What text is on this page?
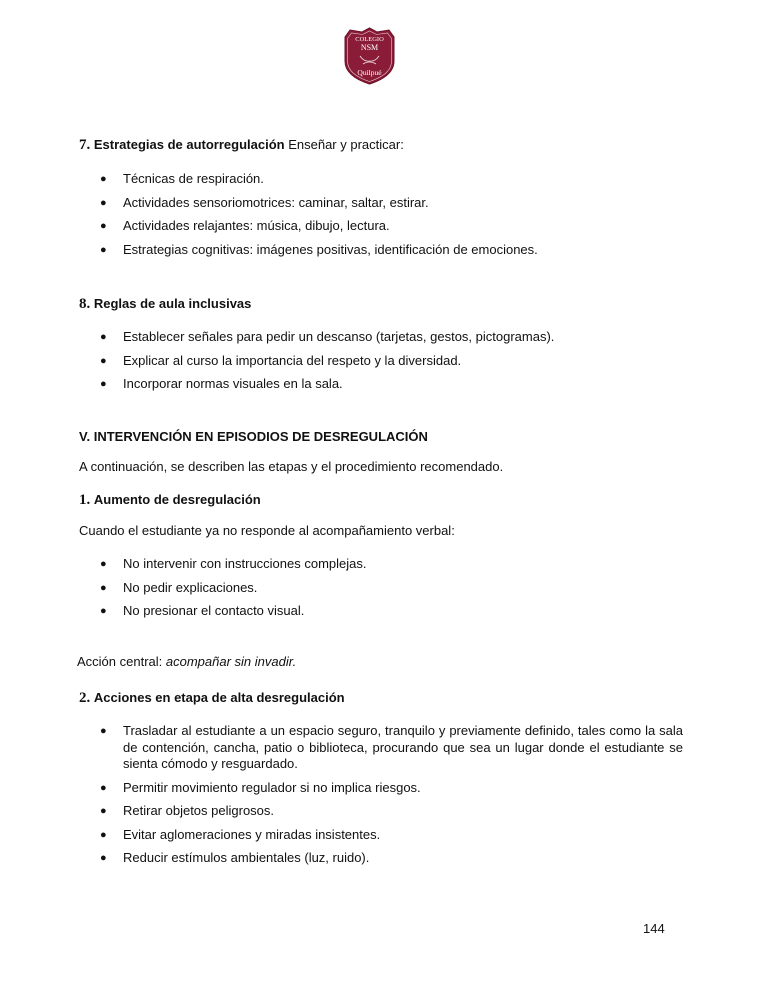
COLEGIO
NSM
Quilpué

7. Estrategias de autorregulación Enseñar y practicar:

● Técnicas de respiración.
● Actividades sensoriomotrices: caminar, saltar, estirar.
● Actividades relajantes: música, dibujo, lectura.
● Estrategias cognitivas: imágenes positivas, identificación de emociones.

8. Reglas de aula inclusivas

● Establecer señales para pedir un descanso (tarjetas, gestos, pictogramas).
● Explicar al curso la importancia del respeto y la diversidad.
● Incorporar normas visuales en la sala.

V. INTERVENCIÓN EN EPISODIOS DE DESREGULACIÓN

A continuación, se describen las etapas y el procedimiento recomendado.

1. Aumento de desregulación

Cuando el estudiante ya no responde al acompañamiento verbal:

● No intervenir con instrucciones complejas.
● No pedir explicaciones.
● No presionar el contacto visual.

Acción central: acompañar sin invadir.

2. Acciones en etapa de alta desregulación

● Trasladar al estudiante a un espacio seguro, tranquilo y previamente definido, tales como la sala de contención, cancha, patio o biblioteca, procurando que sea un lugar donde el estudiante se sienta cómodo y resguardado.
● Permitir movimiento regulador si no implica riesgos.
● Retirar objetos peligrosos.
● Evitar aglomeraciones y miradas insistentes.
● Reducir estímulos ambientales (luz, ruido).
144
